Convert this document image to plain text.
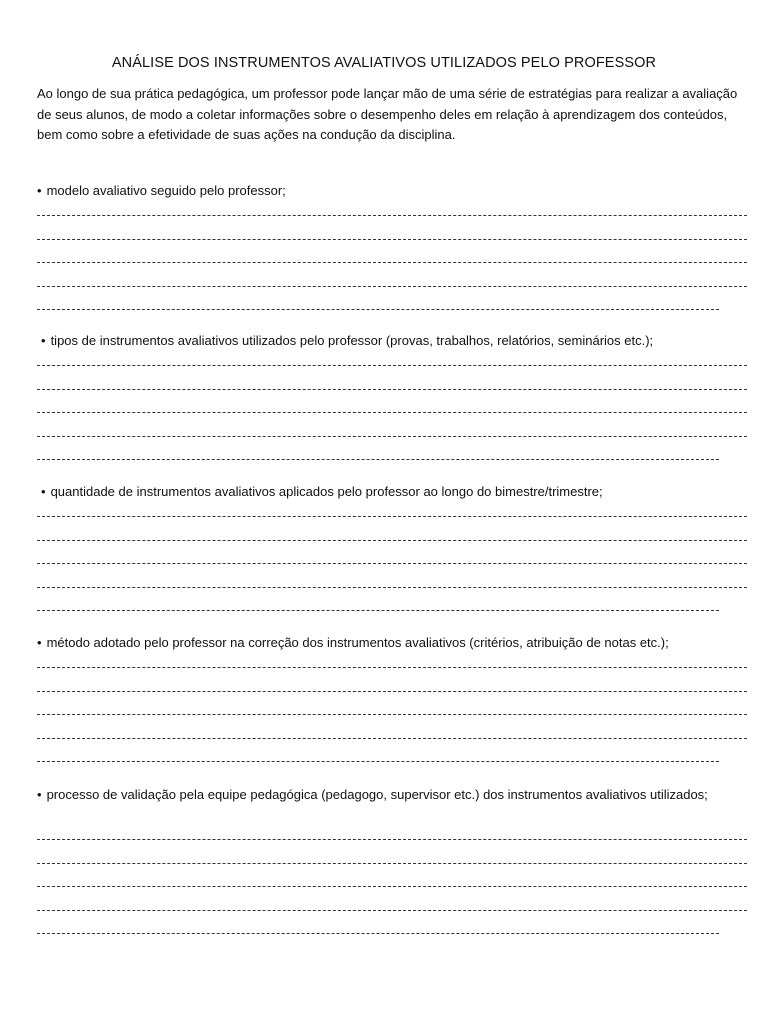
ANÁLISE DOS INSTRUMENTOS AVALIATIVOS UTILIZADOS PELO PROFESSOR
Ao longo de sua prática pedagógica, um professor pode lançar mão de uma série de estratégias para realizar a avaliação de seus alunos, de modo a coletar informações sobre o desempenho deles em relação à aprendizagem dos conteúdos, bem como sobre a efetividade de suas ações na condução da disciplina.

• modelo avaliativo seguido pelo professor;

• tipos de instrumentos avaliativos utilizados pelo professor (provas, trabalhos, relatórios, seminários etc.);

• quantidade de instrumentos avaliativos aplicados pelo professor ao longo do bimestre/trimestre;

• método adotado pelo professor na correção dos instrumentos avaliativos (critérios, atribuição de notas etc.);

• processo de validação pela equipe pedagógica (pedagogo, supervisor etc.) dos instrumentos avaliativos utilizados;
